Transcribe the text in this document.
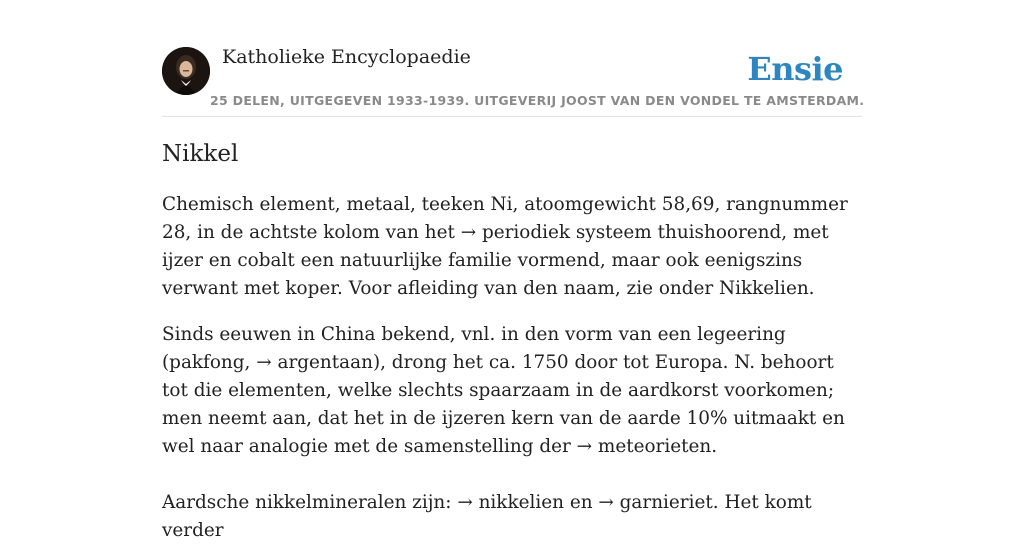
Katholieke Encyclopaedie	Ensie
25 DELEN, UITGEGEVEN 1933-1939. UITGEVERIJ JOOST VAN DEN VONDEL TE AMSTERDAM.
Nikkel

Chemisch element, metaal, teeken Ni, atoomgewicht 58,69, rangnummer 28, in de achtste kolom van het → periodiek systeem thuishoorend, met ijzer en cobalt een natuurlijke familie vormend, maar ook eenigszins verwant met koper. Voor afleiding van den naam, zie onder Nikkelien.

Sinds eeuwen in China bekend, vnl. in den vorm van een legeering (pakfong, → argentaan), drong het ca. 1750 door tot Europa. N. behoort tot die elementen, welke slechts spaarzaam in de aardkorst voorkomen; men neemt aan, dat het in de ijzeren kern van de aarde 10% uitmaakt en wel naar analogie met de samenstelling der → meteorieten.

Aardsche nikkelmineralen zijn: → nikkelien en → garnieriet. Het komt verder
